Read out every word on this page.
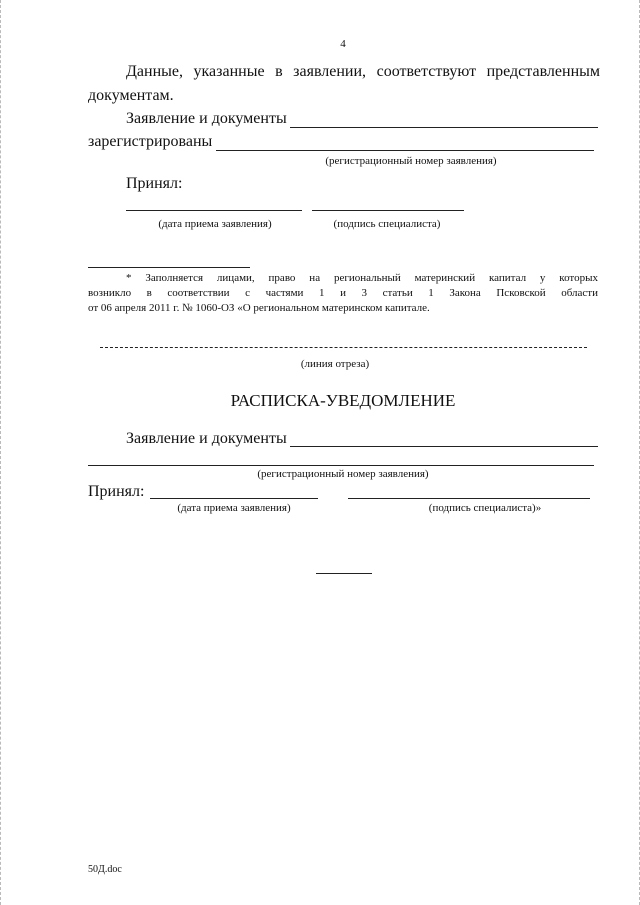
4
Данные, указанные в заявлении, соответствуют представленным
документам.
Заявление и документы
зарегистрированы
(регистрационный номер заявления)
Принял:
(дата приема заявления)	(подпись специалиста)
* Заполняется лицами, право на региональный материнский капитал у которых
возникло в соответствии с частями 1 и 3 статьи 1 Закона Псковской области
от 06 апреля 2011 г. № 1060-ОЗ «О региональном материнском капитале.
(линия отреза)
РАСПИСКА-УВЕДОМЛЕНИЕ
Заявление и документы
(регистрационный номер заявления)
Принял:
(дата приема заявления)	(подпись специалиста)»
50Д.doc
